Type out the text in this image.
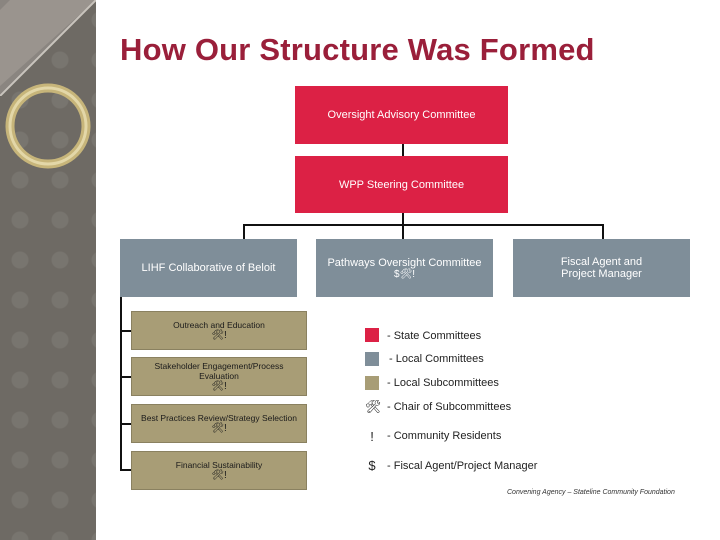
How Our Structure Was Formed
Oversight Advisory Committee
WPP Steering Committee
LIHF Collaborative of Beloit	Pathways Oversight Committee
$🛠!
Fiscal Agent and
Project Manager
Outreach and Education
🛠!
Stakeholder Engagement/Process Evaluation
🛠!
Best Practices Review/Strategy Selection
🛠!
Financial Sustainability
🛠!
- State Committees
- Local Committees
- Local Subcommittees
🛠 - Chair of Subcommittees
!	- Community Residents
$	- Fiscal Agent/Project Manager
Convening Agency – Stateline Community Foundation
